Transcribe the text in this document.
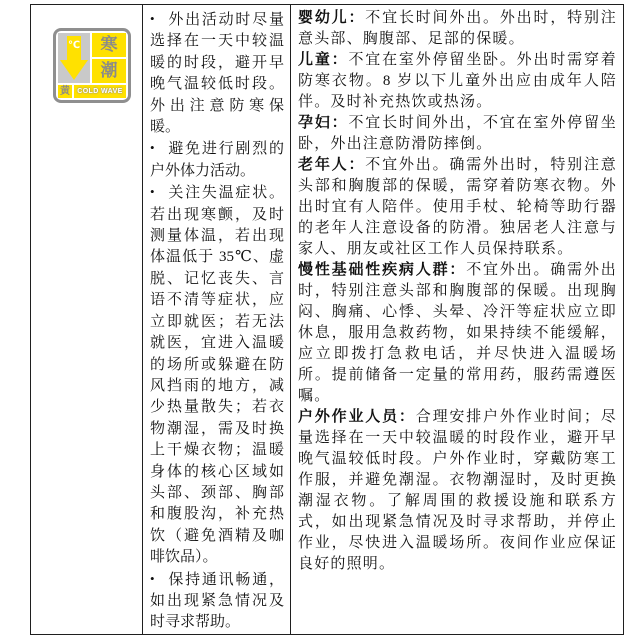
℃	寒
潮
黄	COLD WAVE

• 外出活动时尽量选择在一天中较温暖的时段，避开早晚气温较低时段。外出注意防寒保暖。

• 避免进行剧烈的户外体力活动。

• 关注失温症状。若出现寒颤，及时测量体温，若出现体温低于 35℃、虚脱、记忆丧失、言语不清等症状，应立即就医；若无法就医，宜进入温暖的场所或躲避在防风挡雨的地方，减少热量散失；若衣物潮湿，需及时换上干燥衣物；温暖身体的核心区域如头部、颈部、胸部和腹股沟，补充热饮（避免酒精及咖啡饮品）。

• 保持通讯畅通，如出现紧急情况及时寻求帮助。

婴幼儿：不宜长时间外出。外出时，特别注意头部、胸腹部、足部的保暖。

儿童：不宜在室外停留坐卧。外出时需穿着防寒衣物。8 岁以下儿童外出应由成年人陪伴。及时补充热饮或热汤。

孕妇：不宜长时间外出，不宜在室外停留坐卧，外出注意防滑防摔倒。

老年人：不宜外出。确需外出时，特别注意头部和胸腹部的保暖，需穿着防寒衣物。外出时宜有人陪伴。使用手杖、轮椅等助行器的老年人注意设备的防滑。独居老人注意与家人、朋友或社区工作人员保持联系。

慢性基础性疾病人群：不宜外出。确需外出时，特别注意头部和胸腹部的保暖。出现胸闷、胸痛、心悸、头晕、冷汗等症状应立即休息，服用急救药物，如果持续不能缓解，应立即拨打急救电话，并尽快进入温暖场所。提前储备一定量的常用药，服药需遵医嘱。

户外作业人员：合理安排户外作业时间；尽量选择在一天中较温暖的时段作业，避开早晚气温较低时段。户外作业时，穿戴防寒工作服，并避免潮湿。衣物潮湿时，及时更换潮湿衣物。了解周围的救援设施和联系方式，如出现紧急情况及时寻求帮助，并停止作业，尽快进入温暖场所。夜间作业应保证良好的照明。
